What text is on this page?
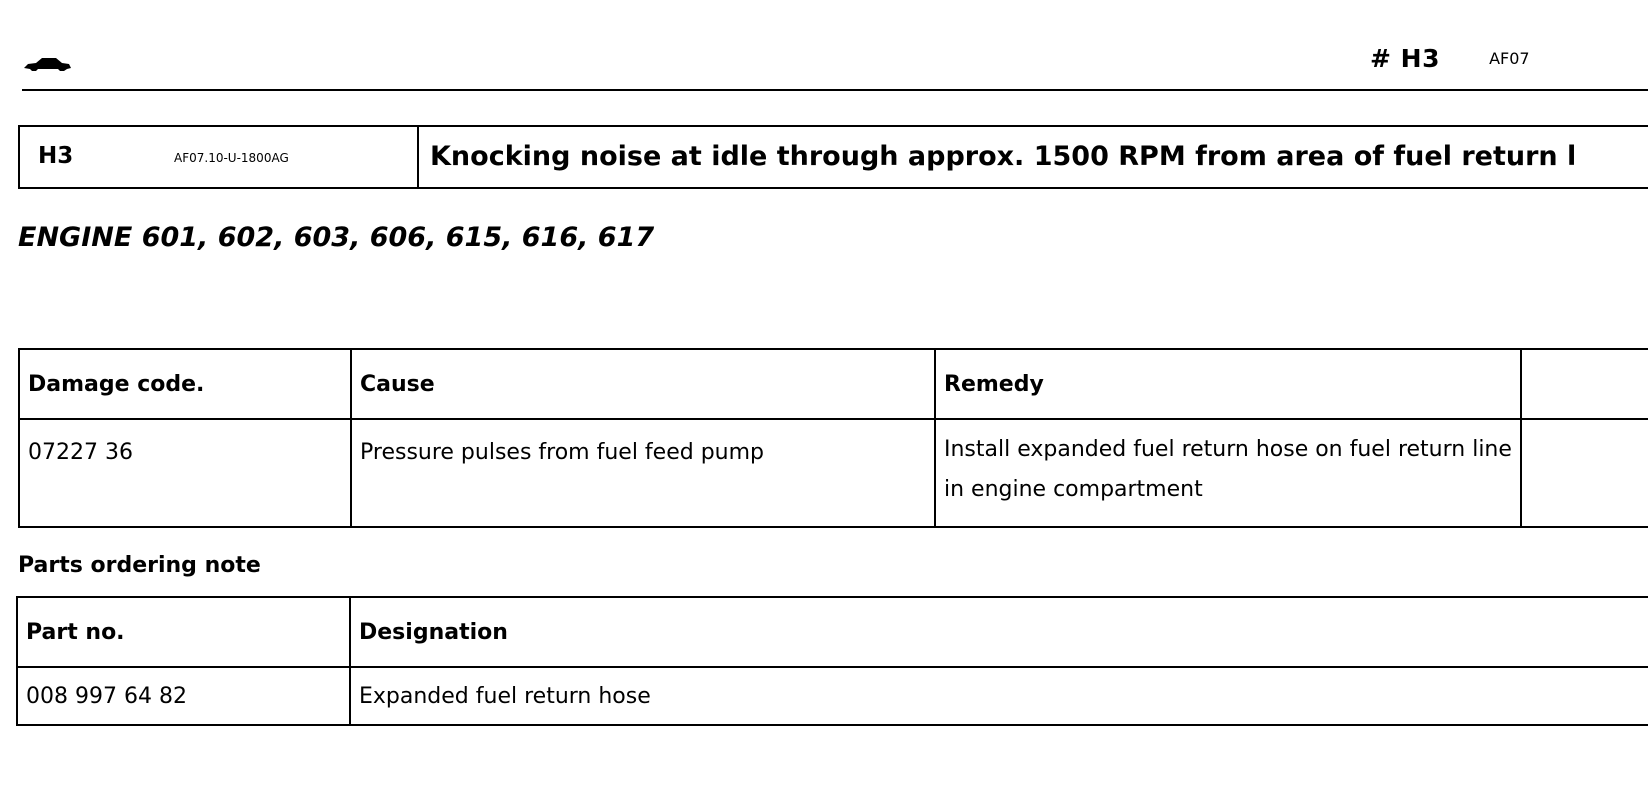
# H3	AF07
H3	AF07.10-U-1800AG	Knocking noise at idle through approx. 1500 RPM from area of fuel return l
ENGINE 601, 602, 603, 606, 615, 616, 617
Damage code.	Cause	Remedy	
07227 36	Pressure pulses from fuel feed pump	Install expanded fuel return hose on fuel return line in engine compartment	
Parts ordering note
Part no.	Designation
008 997 64 82	Expanded fuel return hose
